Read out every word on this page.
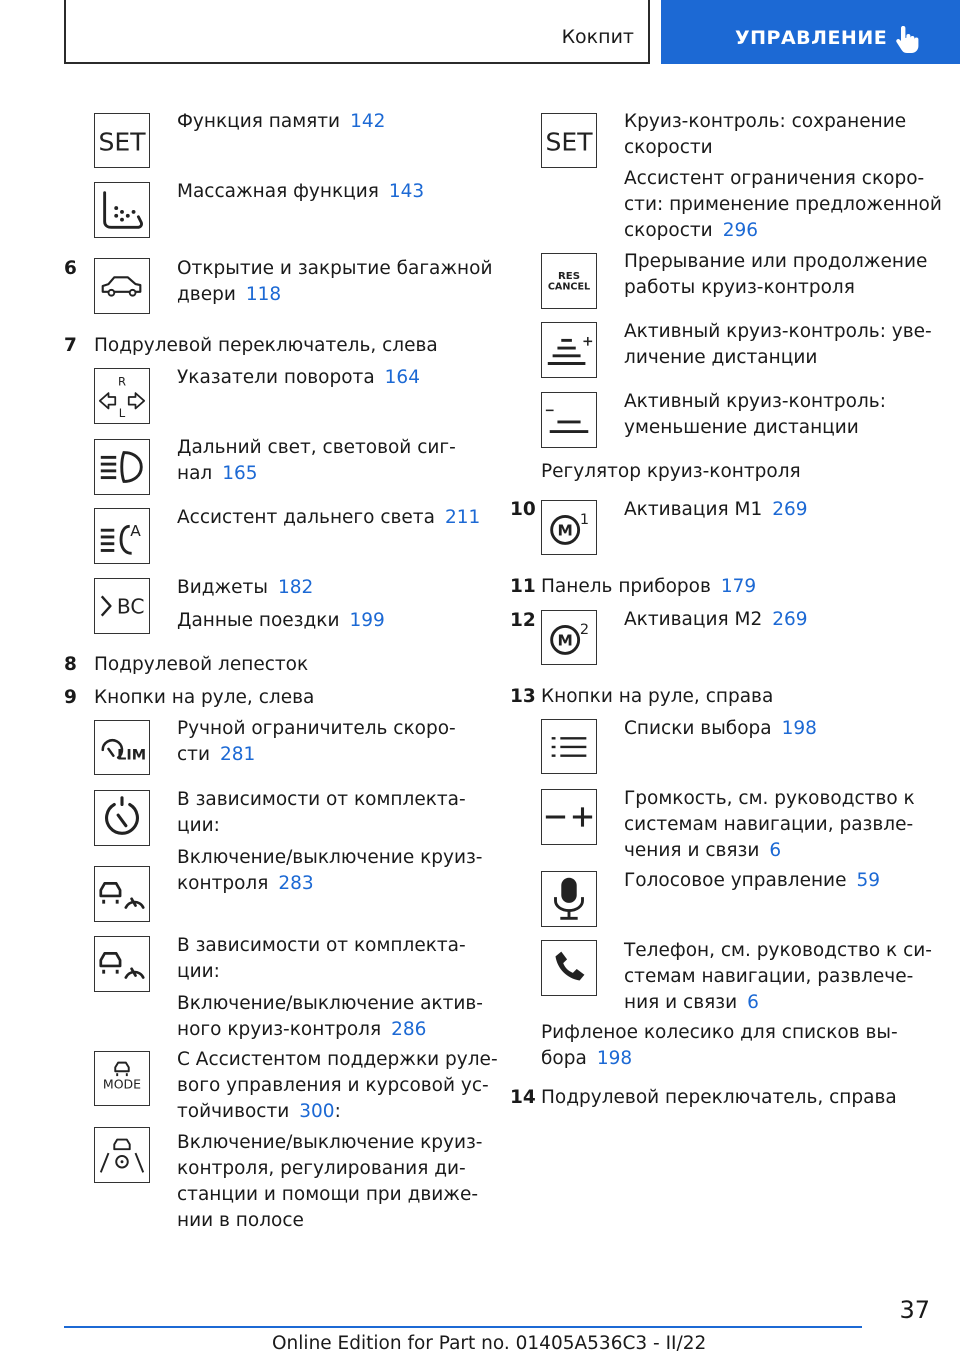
Кокпит	УПРАВЛЕНИЕ
SET
Функция памяти 142
Массажная функция 143
6	Открытие и закрытие багажной
двери 118
7 Подрулевой переключатель, слева
R
L
Указатели поворота 164
Дальний свет, световой сиг-
нал 165
A
Ассистент дальнего света 211
BC
Виджеты 182
Данные поездки 199
8 Подрулевой лепесток
9 Кнопки на руле, слева
LIM
Ручной ограничитель скоро-
сти 281
В зависимости от комплекта-
ции:
Включение/выключение круиз-
контроля 283
В зависимости от комплекта-
ции:
Включение/выключение актив-
ного круиз-контроля 286
MODE
С Ассистентом поддержки руле-
вого управления и курсовой ус-
тойчивости 300:
Включение/выключение круиз-
контроля, регулирования ди-
станции и помощи при движе-
нии в полосе
SET
Круиз-контроль: сохранение
скорости
Ассистент ограничения скоро-
сти: применение предложенной
скорости 296
RES
CANCEL
Прерывание или продолжение
работы круиз-контроля
Активный круиз-контроль: уве-
личение дистанции
Активный круиз-контроль:
уменьшение дистанции
Регулятор круиз-контроля
10
M
1
Активация M1 269
11 Панель приборов 179
12
M
2
Активация M2 269
13 Кнопки на руле, справа
Списки выбора 198
Громкость, см. руководство к
системам навигации, развле-
чения и связи 6
Голосовое управление 59
Телефон, см. руководство к си-
стемам навигации, развлече-
ния и связи 6
Рифленое колесико для списков вы-
бора 198
14 Подрулевой переключатель, справа
37
Online Edition for Part no. 01405A536C3 - II/22
